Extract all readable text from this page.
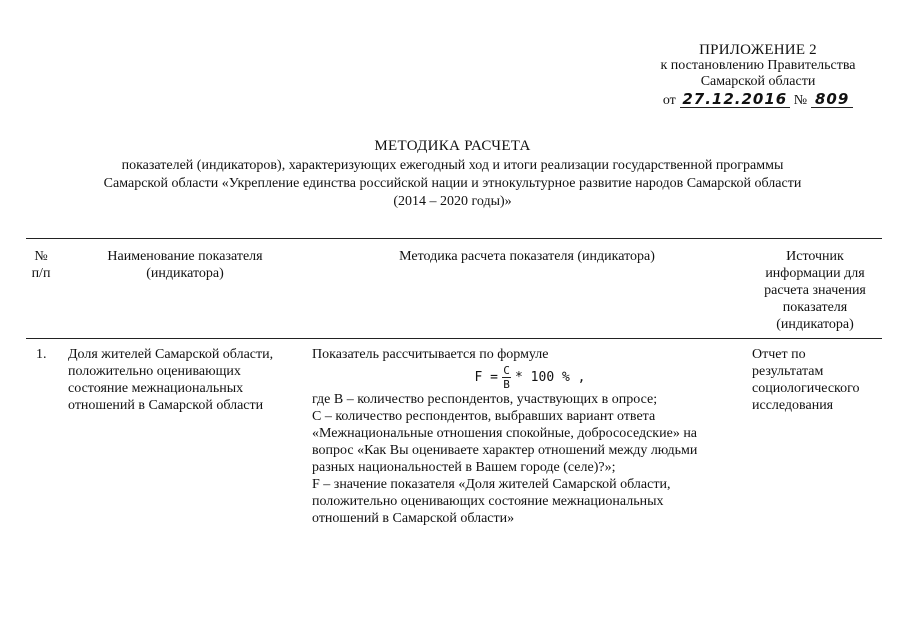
ПРИЛОЖЕНИЕ 2
к постановлению Правительства
Самарской области
от 27.12.2016 № 809
МЕТОДИКА РАСЧЕТА
показателей (индикаторов), характеризующих ежегодный ход и итоги реализации государственной программы
Самарской области «Укрепление единства российской нации и этнокультурное развитие народов Самарской области
(2014 – 2020 годы)»
№
п/п
Наименование показателя
(индикатора)
Методика расчета показателя (индикатора)	Источник
информации для
расчета значения
показателя
(индикатора)
1.	Доля жителей Самарской области,
положительно оценивающих
состояние межнациональных
отношений в Самарской области
Показатель рассчитывается по формуле
$F = \frac{C}{B} * 100$ % ,
где В – количество респондентов, участвующих в опросе;
С – количество респондентов, выбравших вариант ответа
«Межнациональные отношения спокойные, добрососедские» на
вопрос «Как Вы оцениваете характер отношений между людьми
разных национальностей в Вашем городе (селе)?»;
F – значение показателя «Доля жителей Самарской области,
положительно оценивающих состояние межнациональных
отношений в Самарской области»
Отчет по
результатам
социологического
исследования
